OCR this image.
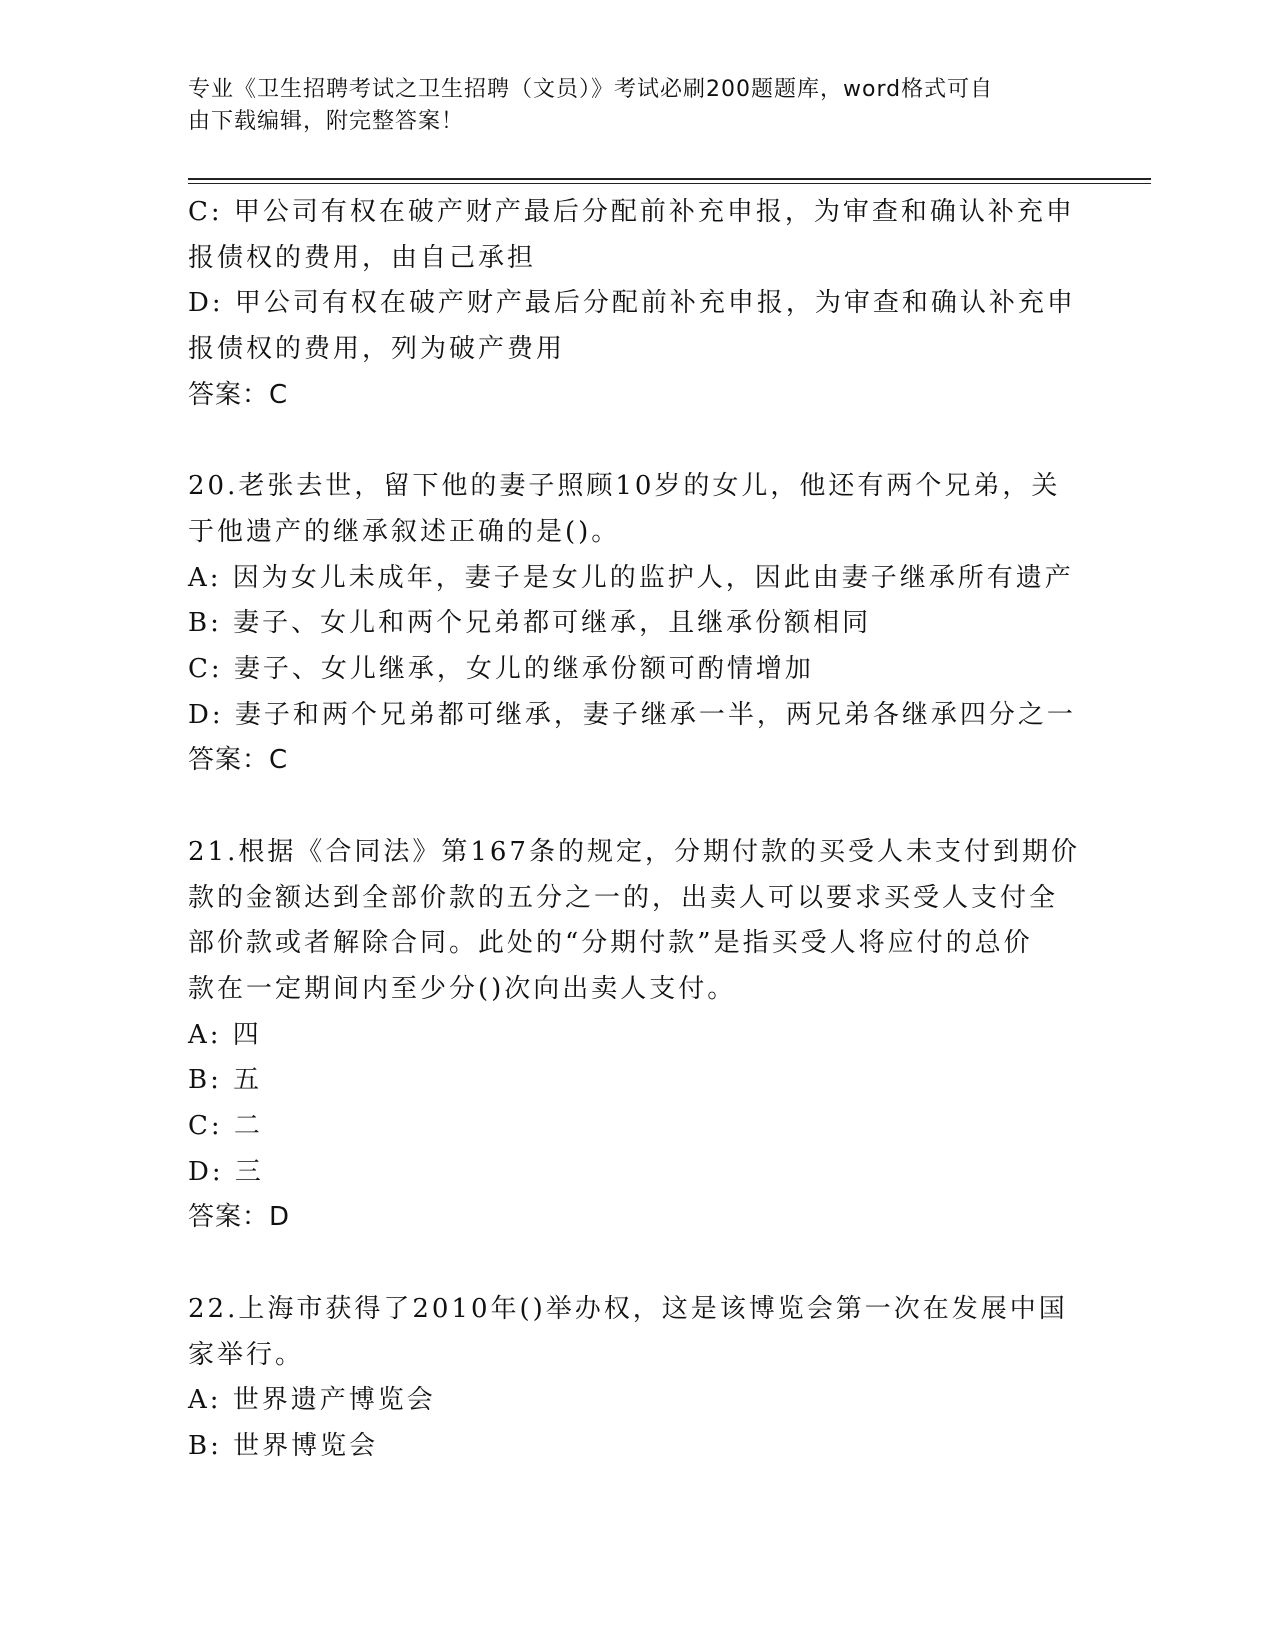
专业《卫生招聘考试之卫生招聘（文员）》考试必刷200题题库，word格式可自
由下载编辑，附完整答案！

C: 甲公司有权在破产财产最后分配前补充申报，为审查和确认补充申

报债权的费用，由自己承担

D: 甲公司有权在破产财产最后分配前补充申报，为审查和确认补充申

报债权的费用，列为破产费用

答案：C

20.老张去世，留下他的妻子照顾10岁的女儿，他还有两个兄弟，关

于他遗产的继承叙述正确的是()。

A: 因为女儿未成年，妻子是女儿的监护人，因此由妻子继承所有遗产

B: 妻子、女儿和两个兄弟都可继承，且继承份额相同

C: 妻子、女儿继承，女儿的继承份额可酌情增加

D: 妻子和两个兄弟都可继承，妻子继承一半，两兄弟各继承四分之一

答案：C

21.根据《合同法》第167条的规定，分期付款的买受人未支付到期价

款的金额达到全部价款的五分之一的，出卖人可以要求买受人支付全

部价款或者解除合同。此处的“分期付款”是指买受人将应付的总价

款在一定期间内至少分()次向出卖人支付。

A: 四

B: 五

C: 二

D: 三

答案：D

22.上海市获得了2010年()举办权，这是该博览会第一次在发展中国

家举行。

A: 世界遗产博览会

B: 世界博览会
